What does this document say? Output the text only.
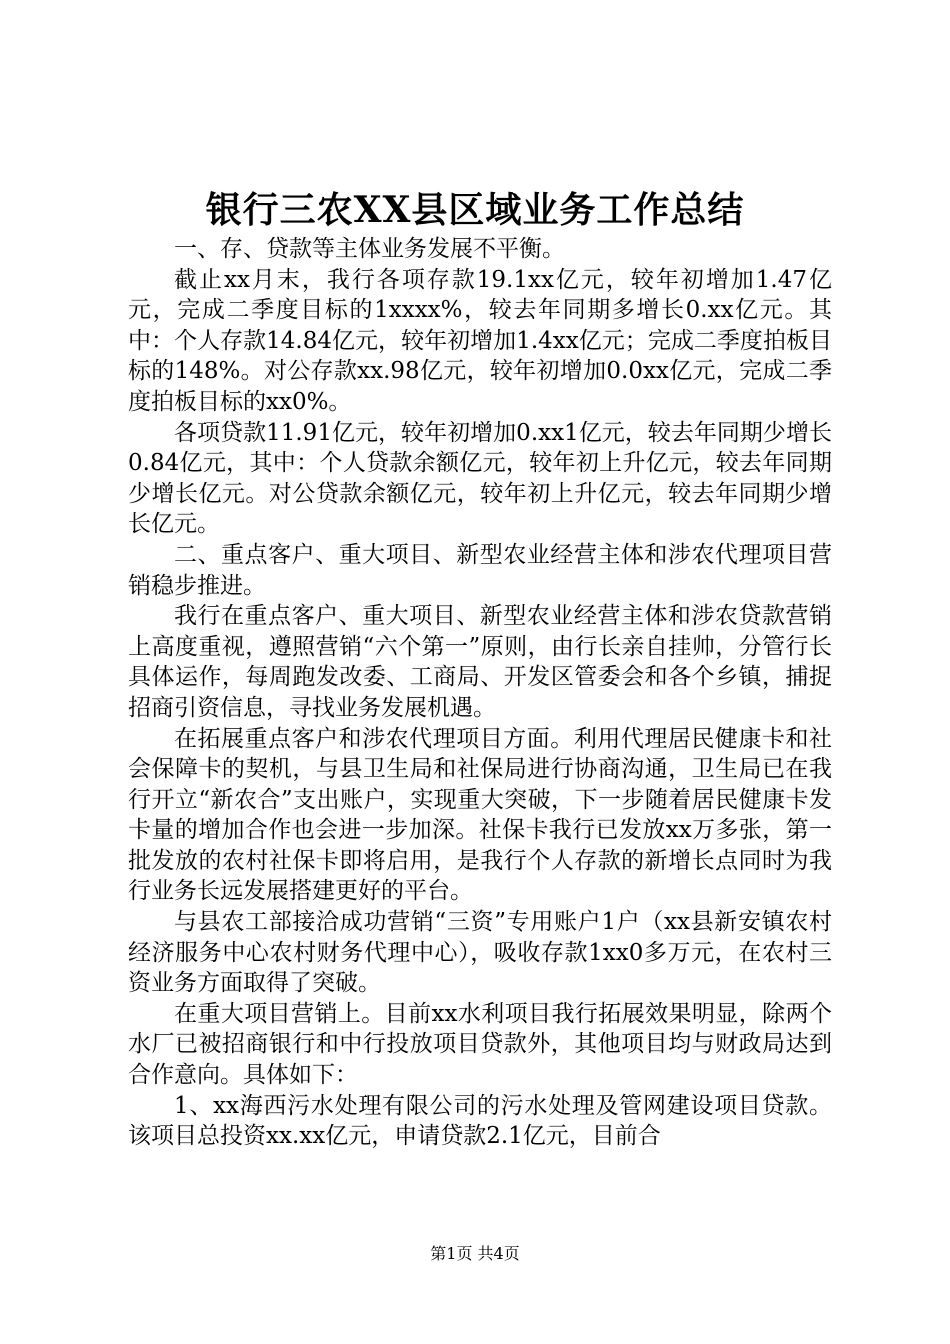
银行三农XX县区域业务工作总结

一、存、贷款等主体业务发展不平衡。

截止xx月末，我行各项存款19.1xx亿元，较年初增加1.47亿元，完成二季度目标的1xxxx%，较去年同期多增长0.xx亿元。其中：个人存款14.84亿元，较年初增加1.4xx亿元；完成二季度拍板目标的148%。对公存款xx.98亿元，较年初增加0.0xx亿元，完成二季度拍板目标的xx0%。

各项贷款11.91亿元，较年初增加0.xx1亿元，较去年同期少增长0.84亿元，其中：个人贷款余额亿元，较年初上升亿元，较去年同期少增长亿元。对公贷款余额亿元，较年初上升亿元，较去年同期少增长亿元。

二、重点客户、重大项目、新型农业经营主体和涉农代理项目营销稳步推进。

我行在重点客户、重大项目、新型农业经营主体和涉农贷款营销上高度重视，遵照营销“六个第一”原则，由行长亲自挂帅，分管行长具体运作，每周跑发改委、工商局、开发区管委会和各个乡镇，捕捉招商引资信息，寻找业务发展机遇。

在拓展重点客户和涉农代理项目方面。利用代理居民健康卡和社会保障卡的契机，与县卫生局和社保局进行协商沟通，卫生局已在我行开立“新农合”支出账户，实现重大突破，下一步随着居民健康卡发卡量的增加合作也会进一步加深。社保卡我行已发放xx万多张，第一批发放的农村社保卡即将启用，是我行个人存款的新增长点同时为我行业务长远发展搭建更好的平台。

与县农工部接洽成功营销“三资”专用账户1户（xx县新安镇农村经济服务中心农村财务代理中心），吸收存款1xx0多万元，在农村三资业务方面取得了突破。

在重大项目营销上。目前xx水利项目我行拓展效果明显，除两个水厂已被招商银行和中行投放项目贷款外，其他项目均与财政局达到合作意向。具体如下：

1、xx海西污水处理有限公司的污水处理及管网建设项目贷款。该项目总投资xx.xx亿元，申请贷款2.1亿元，目前合

第1页 共4页
